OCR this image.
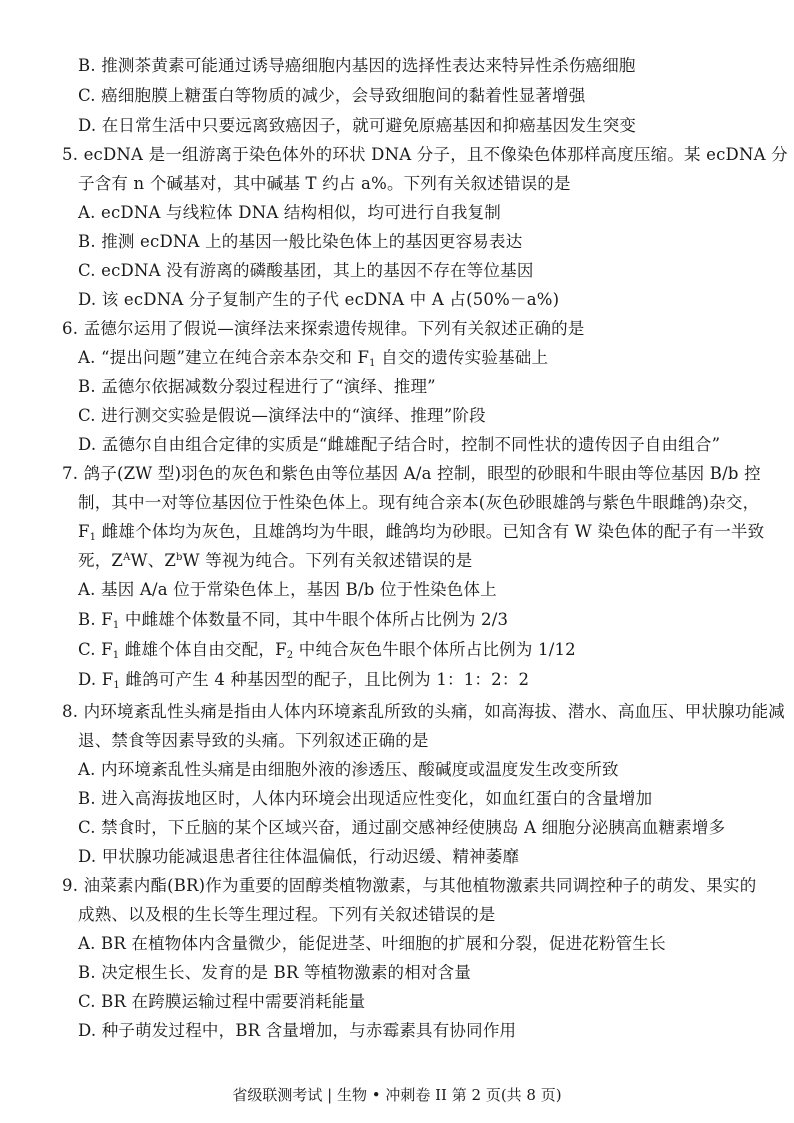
B. 推测茶黄素可能通过诱导癌细胞内基因的选择性表达来特异性杀伤癌细胞
C. 癌细胞膜上糖蛋白等物质的减少，会导致细胞间的黏着性显著增强
D. 在日常生活中只要远离致癌因子，就可避免原癌基因和抑癌基因发生突变
5. ecDNA 是一组游离于染色体外的环状 DNA 分子，且不像染色体那样高度压缩。某 ecDNA 分
子含有 n 个碱基对，其中碱基 T 约占 a%。下列有关叙述错误的是
A. ecDNA 与线粒体 DNA 结构相似，均可进行自我复制
B. 推测 ecDNA 上的基因一般比染色体上的基因更容易表达
C. ecDNA 没有游离的磷酸基团，其上的基因不存在等位基因
D. 该 ecDNA 分子复制产生的子代 ecDNA 中 A 占(50%－a%)
6. 孟德尔运用了假说—演绎法来探索遗传规律。下列有关叙述正确的是
A. “提出问题”建立在纯合亲本杂交和 $F_1$ 自交的遗传实验基础上
B. 孟德尔依据减数分裂过程进行了“演绎、推理”
C. 进行测交实验是假说—演绎法中的“演绎、推理”阶段
D. 孟德尔自由组合定律的实质是“雌雄配子结合时，控制不同性状的遗传因子自由组合”
7. 鸽子(ZW 型)羽色的灰色和紫色由等位基因 A/a 控制，眼型的砂眼和牛眼由等位基因 B/b 控
制，其中一对等位基因位于性染色体上。现有纯合亲本(灰色砂眼雄鸽与紫色牛眼雌鸽)杂交，
$F_1$ 雌雄个体均为灰色，且雄鸽均为牛眼，雌鸽均为砂眼。已知含有 W 染色体的配子有一半致
死，$Z^AW$、$Z^bW$ 等视为纯合。下列有关叙述错误的是
A. 基因 A/a 位于常染色体上，基因 B/b 位于性染色体上
B. $F_1$ 中雌雄个体数量不同，其中牛眼个体所占比例为 2/3
C. $F_1$ 雌雄个体自由交配，$F_2$ 中纯合灰色牛眼个体所占比例为 1/12
D. $F_1$ 雌鸽可产生 4 种基因型的配子，且比例为 1：1：2：2
8. 内环境紊乱性头痛是指由人体内环境紊乱所致的头痛，如高海拔、潜水、高血压、甲状腺功能减
退、禁食等因素导致的头痛。下列叙述正确的是
A. 内环境紊乱性头痛是由细胞外液的渗透压、酸碱度或温度发生改变所致
B. 进入高海拔地区时，人体内环境会出现适应性变化，如血红蛋白的含量增加
C. 禁食时，下丘脑的某个区域兴奋，通过副交感神经使胰岛 A 细胞分泌胰高血糖素增多
D. 甲状腺功能减退患者往往体温偏低，行动迟缓、精神萎靡
9. 油菜素内酯(BR)作为重要的固醇类植物激素，与其他植物激素共同调控种子的萌发、果实的
成熟、以及根的生长等生理过程。下列有关叙述错误的是
A. BR 在植物体内含量微少，能促进茎、叶细胞的扩展和分裂，促进花粉管生长
B. 决定根生长、发育的是 BR 等植物激素的相对含量
C. BR 在跨膜运输过程中需要消耗能量
D. 种子萌发过程中，BR 含量增加，与赤霉素具有协同作用
省级联测考试 | 生物 • 冲刺卷 II 第 2 页(共 8 页)
